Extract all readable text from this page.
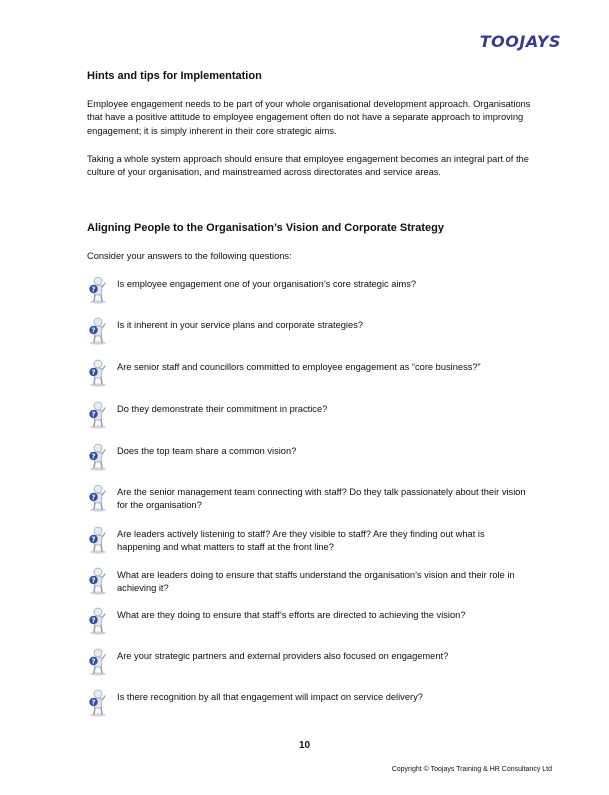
TOOJAYS
Hints and tips for Implementation
Employee engagement needs to be part of your whole organisational development approach. Organisations that have a positive attitude to employee engagement often do not have a separate approach to improving engagement; it is simply inherent in their core strategic aims.
Taking a whole system approach should ensure that employee engagement becomes an integral part of the culture of your organisation, and mainstreamed across directorates and service areas.
Aligning People to the Organisation’s Vision and Corporate Strategy
Consider your answers to the following questions:
Is employee engagement one of your organisation’s core strategic aims?
Is it inherent in your service plans and corporate strategies?
Are senior staff and councillors committed to employee engagement as “core business?”
Do they demonstrate their commitment in practice?
Does the top team share a common vision?
Are the senior management team connecting with staff? Do they talk passionately about their vision for the organisation?
Are leaders actively listening to staff? Are they visible to staff? Are they finding out what is happening and what matters to staff at the front line?
What are leaders doing to ensure that staffs understand the organisation’s vision and their role in achieving it?
What are they doing to ensure that staff’s efforts are directed to achieving the vision?
Are your strategic partners and external providers also focused on engagement?
Is there recognition by all that engagement will impact on service delivery?
10
Copyright © Toojays Training & HR Consultancy Ltd
